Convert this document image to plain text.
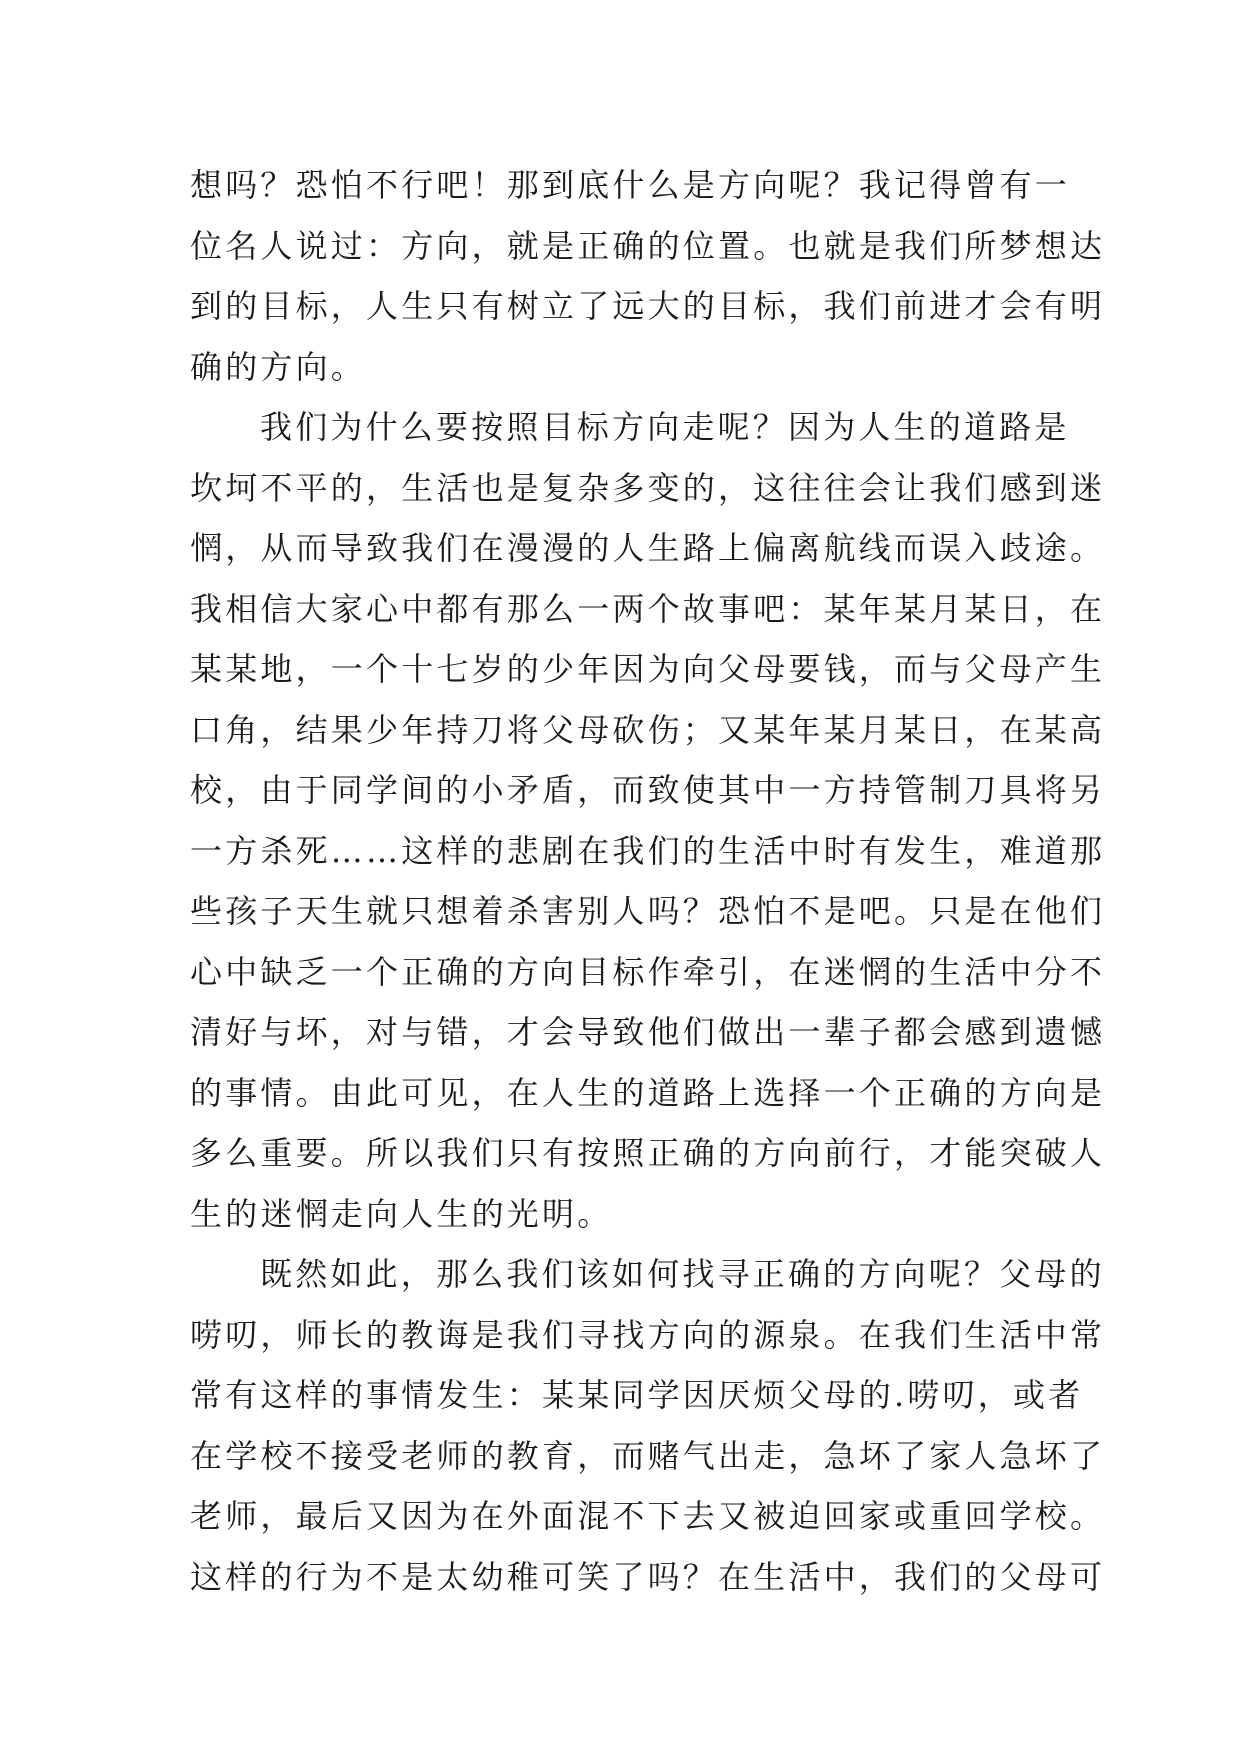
想吗？恐怕不行吧！那到底什么是方向呢？我记得曾有一
位名人说过：方向，就是正确的位置。也就是我们所梦想达
到的目标，人生只有树立了远大的目标，我们前进才会有明
确的方向。
我们为什么要按照目标方向走呢？因为人生的道路是
坎坷不平的，生活也是复杂多变的，这往往会让我们感到迷
惘，从而导致我们在漫漫的人生路上偏离航线而误入歧途。
我相信大家心中都有那么一两个故事吧：某年某月某日，在
某某地，一个十七岁的少年因为向父母要钱，而与父母产生
口角，结果少年持刀将父母砍伤；又某年某月某日，在某高
校，由于同学间的小矛盾，而致使其中一方持管制刀具将另
一方杀死……这样的悲剧在我们的生活中时有发生，难道那
些孩子天生就只想着杀害别人吗？恐怕不是吧。只是在他们
心中缺乏一个正确的方向目标作牵引，在迷惘的生活中分不
清好与坏，对与错，才会导致他们做出一辈子都会感到遗憾
的事情。由此可见，在人生的道路上选择一个正确的方向是
多么重要。所以我们只有按照正确的方向前行，才能突破人
生的迷惘走向人生的光明。
既然如此，那么我们该如何找寻正确的方向呢？父母的
唠叨，师长的教诲是我们寻找方向的源泉。在我们生活中常
常有这样的事情发生：某某同学因厌烦父母的.唠叨，或者
在学校不接受老师的教育，而赌气出走，急坏了家人急坏了
老师，最后又因为在外面混不下去又被迫回家或重回学校。
这样的行为不是太幼稚可笑了吗？在生活中，我们的父母可
